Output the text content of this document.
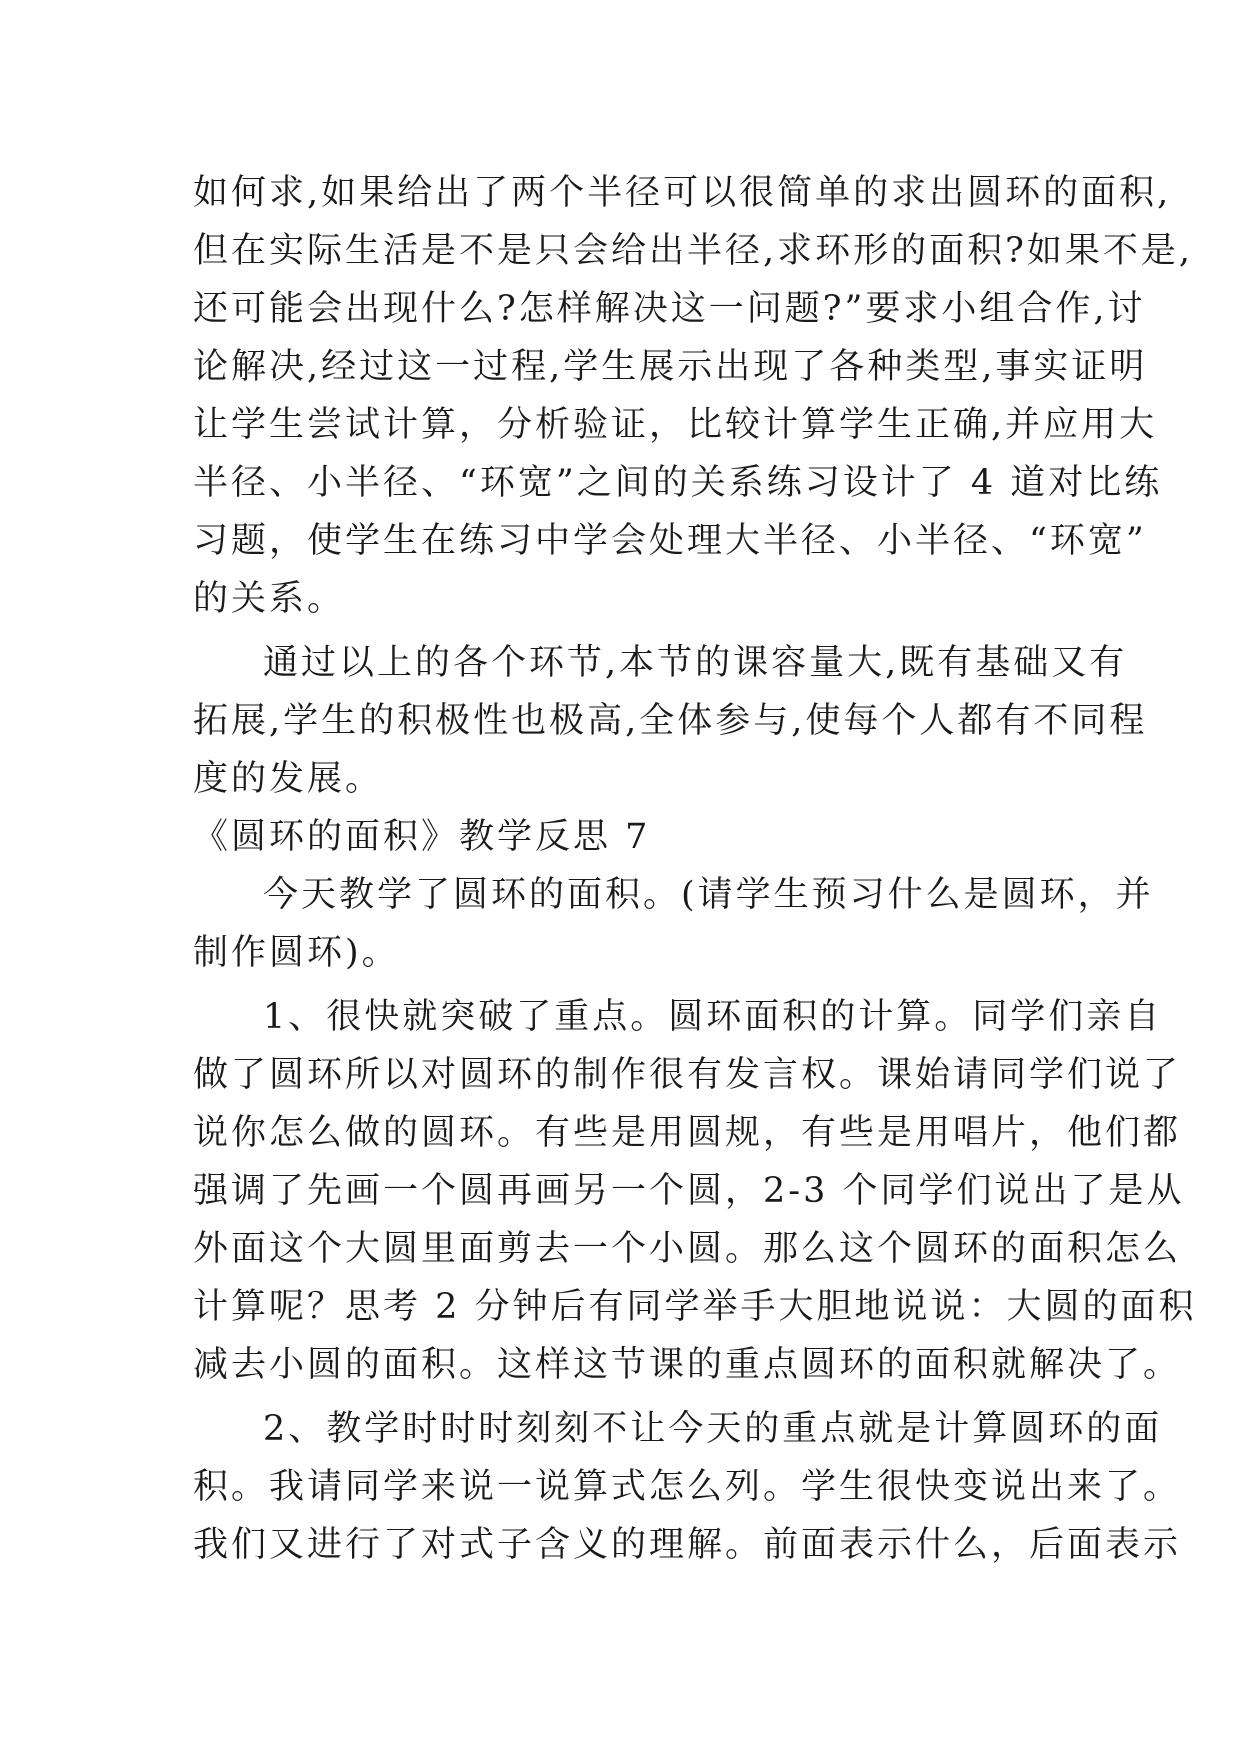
如何求,如果给出了两个半径可以很简单的求出圆环的面积,
但在实际生活是不是只会给出半径,求环形的面积?如果不是,
还可能会出现什么?怎样解决这一问题?”要求小组合作,讨
论解决,经过这一过程,学生展示出现了各种类型,事实证明
让学生尝试计算，分析验证，比较计算学生正确,并应用大
半径、小半径、“环宽”之间的关系练习设计了 4 道对比练
习题，使学生在练习中学会处理大半径、小半径、“环宽”
的关系。
通过以上的各个环节,本节的课容量大,既有基础又有
拓展,学生的积极性也极高,全体参与,使每个人都有不同程
度的发展。
《圆环的面积》教学反思 7
今天教学了圆环的面积。(请学生预习什么是圆环，并
制作圆环)。
1、很快就突破了重点。圆环面积的计算。同学们亲自
做了圆环所以对圆环的制作很有发言权。课始请同学们说了
说你怎么做的圆环。有些是用圆规，有些是用唱片，他们都
强调了先画一个圆再画另一个圆，2-3 个同学们说出了是从
外面这个大圆里面剪去一个小圆。那么这个圆环的面积怎么
计算呢？思考 2 分钟后有同学举手大胆地说说：大圆的面积
减去小圆的面积。这样这节课的重点圆环的面积就解决了。
2、教学时时时刻刻不让今天的重点就是计算圆环的面
积。我请同学来说一说算式怎么列。学生很快变说出来了。
我们又进行了对式子含义的理解。前面表示什么，后面表示
